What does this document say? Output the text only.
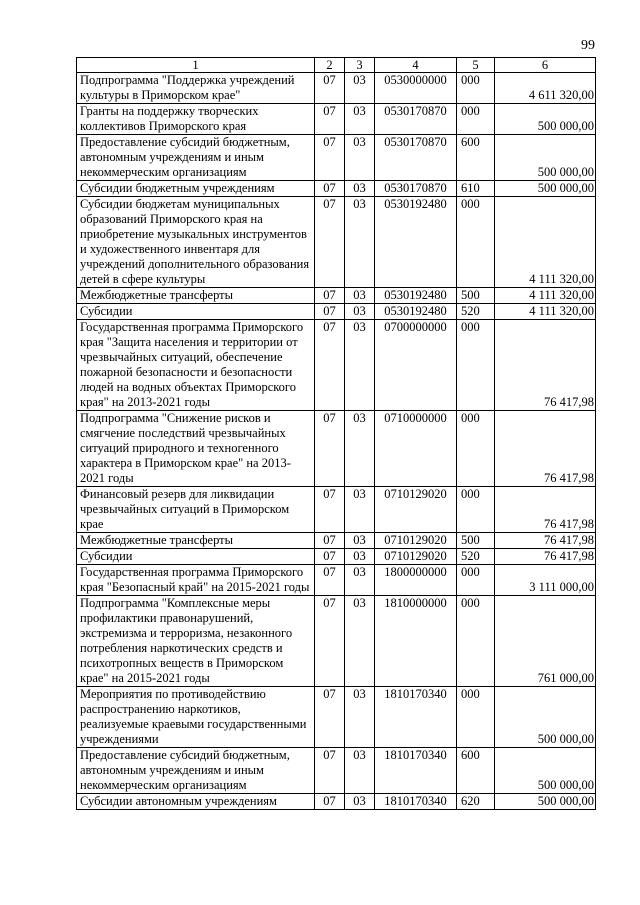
99
1	2	3	4	5	6
Подпрограмма "Поддержка учреждений культуры в Приморском крае"	07	03	0530000000	000	4 611 320,00
Гранты на поддержку творческих коллективов Приморского края	07	03	0530170870	000	500 000,00
Предоставление субсидий бюджетным, автономным учреждениям и иным некоммерческим организациям	07	03	0530170870	600	500 000,00
Субсидии бюджетным учреждениям	07	03	0530170870	610	500 000,00
Субсидии бюджетам муниципальных образований Приморского края на приобретение музыкальных инструментов и художественного инвентаря для учреждений дополнительного образования детей в сфере культуры	07	03	0530192480	000	4 111 320,00
Межбюджетные трансферты	07	03	0530192480	500	4 111 320,00
Субсидии	07	03	0530192480	520	4 111 320,00
Государственная программа Приморского края "Защита населения и территории от чрезвычайных ситуаций, обеспечение пожарной безопасности и безопасности людей на водных объектах Приморского края" на 2013-2021 годы	07	03	0700000000	000	76 417,98
Подпрограмма "Снижение рисков и смягчение последствий чрезвычайных ситуаций природного и техногенного характера в Приморском крае" на 2013-2021 годы	07	03	0710000000	000	76 417,98
Финансовый резерв для ликвидации чрезвычайных ситуаций в Приморском крае	07	03	0710129020	000	76 417,98
Межбюджетные трансферты	07	03	0710129020	500	76 417,98
Субсидии	07	03	0710129020	520	76 417,98
Государственная программа Приморского края "Безопасный край" на 2015-2021 годы	07	03	1800000000	000	3 111 000,00
Подпрограмма "Комплексные меры профилактики правонарушений, экстремизма и терроризма, незаконного потребления наркотических средств и психотропных веществ в Приморском крае" на 2015-2021 годы	07	03	1810000000	000	761 000,00
Мероприятия по противодействию распространению наркотиков, реализуемые краевыми государственными учреждениями	07	03	1810170340	000	500 000,00
Предоставление субсидий бюджетным, автономным учреждениям и иным некоммерческим организациям	07	03	1810170340	600	500 000,00
Субсидии автономным учреждениям	07	03	1810170340	620	500 000,00
